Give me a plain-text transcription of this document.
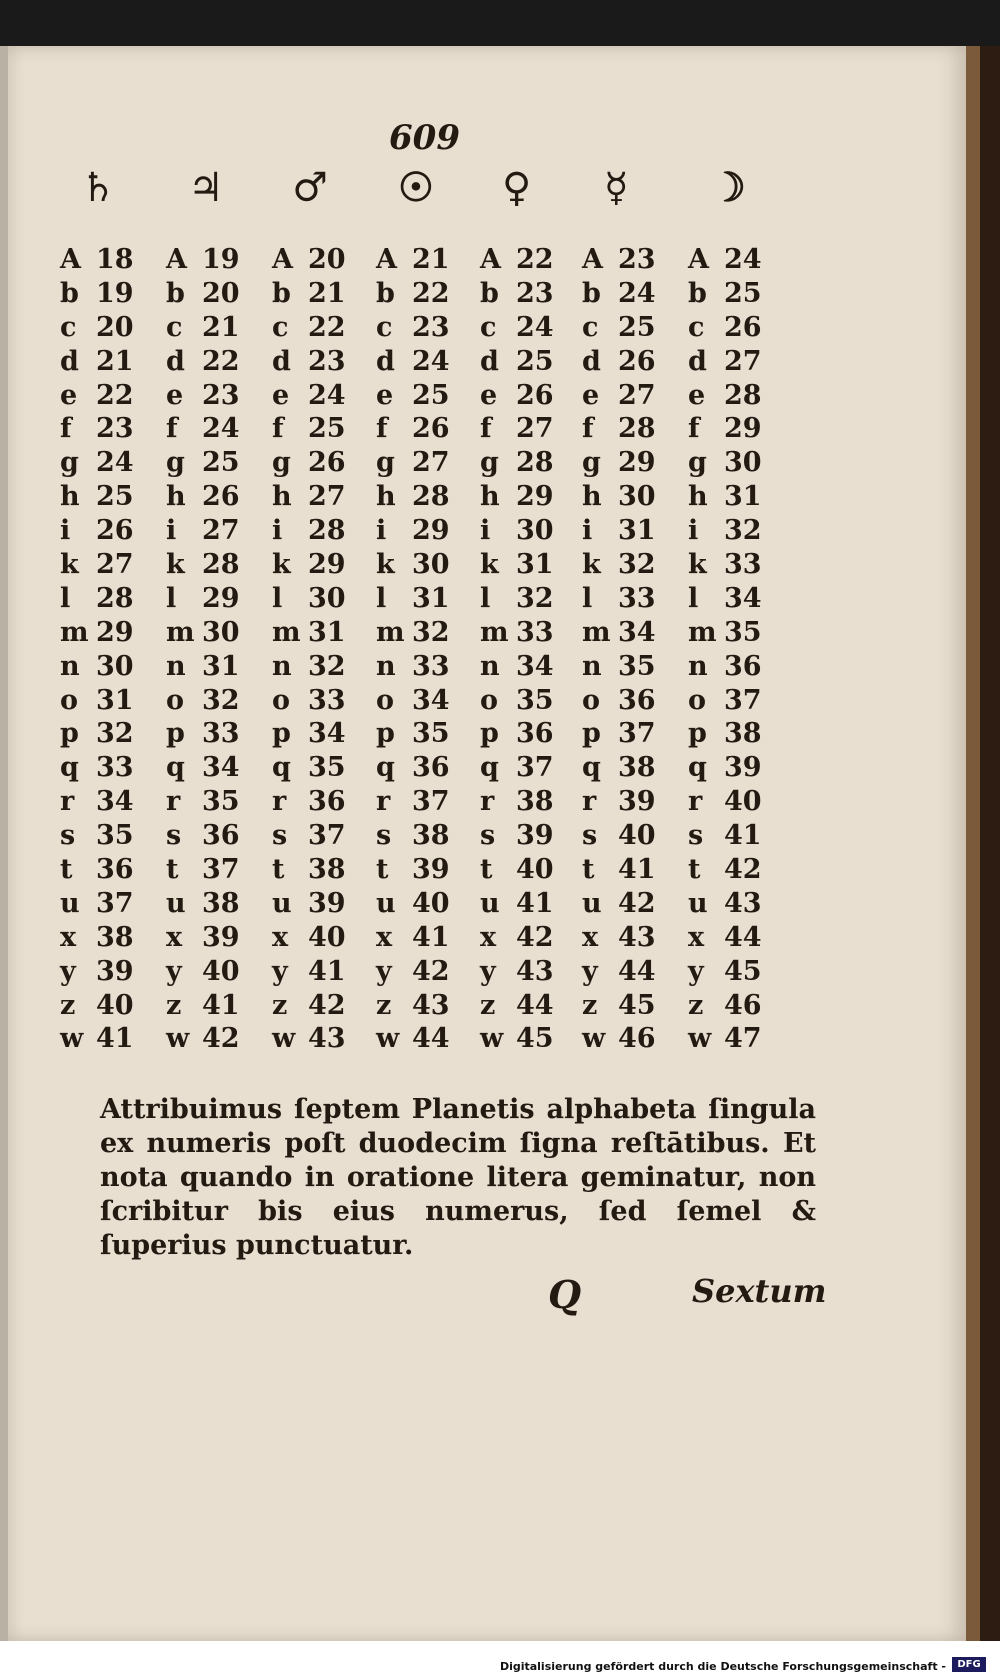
609
♄ ♃ ♂ ☉ ♀ ☿ ☽
A 18
b 19
c 20
d 21
e 22
f 23
g 24
h 25
i 26
k 27
l 28
m 29
n 30
o 31
p 32
q 33
r 34
s 35
t 36
u 37
x 38
y 39
z 40
w 41
A 19
b 20
c 21
d 22
e 23
f 24
g 25
h 26
i 27
k 28
l 29
m 30
n 31
o 32
p 33
q 34
r 35
s 36
t 37
u 38
x 39
y 40
z 41
w 42
A 20
b 21
c 22
d 23
e 24
f 25
g 26
h 27
i 28
k 29
l 30
m 31
n 32
o 33
p 34
q 35
r 36
s 37
t 38
u 39
x 40
y 41
z 42
w 43
A 21
b 22
c 23
d 24
e 25
f 26
g 27
h 28
i 29
k 30
l 31
m 32
n 33
o 34
p 35
q 36
r 37
s 38
t 39
u 40
x 41
y 42
z 43
w 44
A 22
b 23
c 24
d 25
e 26
f 27
g 28
h 29
i 30
k 31
l 32
m 33
n 34
o 35
p 36
q 37
r 38
s 39
t 40
u 41
x 42
y 43
z 44
w 45
A 23
b 24
c 25
d 26
e 27
f 28
g 29
h 30
i 31
k 32
l 33
m 34
n 35
o 36
p 37
q 38
r 39
s 40
t 41
u 42
x 43
y 44
z 45
w 46
A 24
b 25
c 26
d 27
e 28
f 29
g 30
h 31
i 32
k 33
l 34
m 35
n 36
o 37
p 38
q 39
r 40
s 41
t 42
u 43
x 44
y 45
z 46
w 47
Attribuimus ſeptem Planetis alphabeta ſingula ex numeris poſt duodecim ſigna reſtātibus. Et nota quando in oratione litera geminatur, non ſcribitur bis eius numerus, ſed ſemel & ſuperius punctuatur.
Q	Sextum
Digitalisierung gefördert durch die Deutsche Forschungsgemeinschaft -	DFG
